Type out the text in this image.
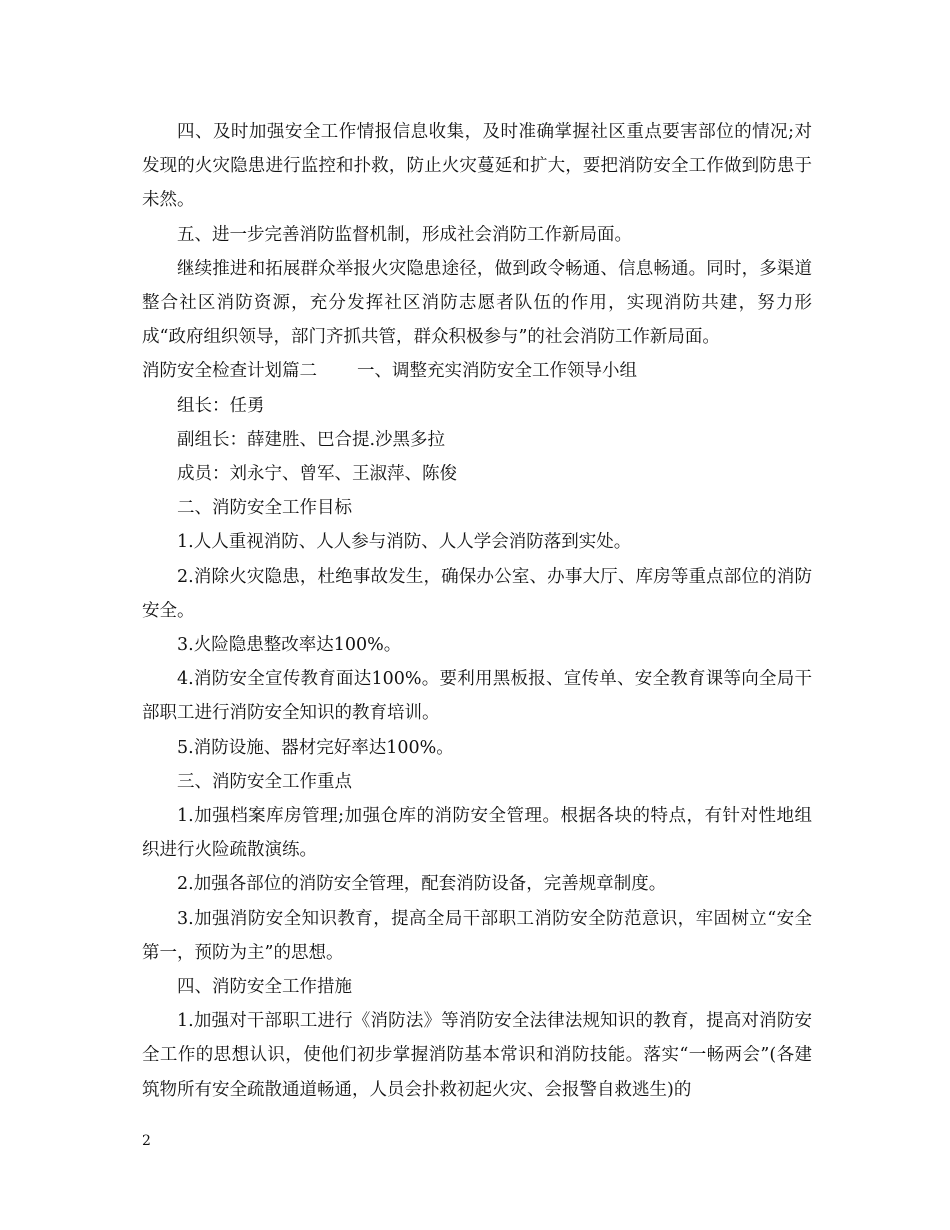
四、及时加强安全工作情报信息收集，及时准确掌握社区重点要害部位的情况;对发现的火灾隐患进行监控和扑救，防止火灾蔓延和扩大，要把消防安全工作做到防患于未然。

五、进一步完善消防监督机制，形成社会消防工作新局面。

继续推进和拓展群众举报火灾隐患途径，做到政令畅通、信息畅通。同时，多渠道整合社区消防资源，充分发挥社区消防志愿者队伍的作用，实现消防共建，努力形成“政府组织领导，部门齐抓共管，群众积极参与”的社会消防工作新局面。

消防安全检查计划篇二 一、调整充实消防安全工作领导小组

组长：任勇

副组长：薛建胜、巴合提.沙黑多拉

成员：刘永宁、曾军、王淑萍、陈俊

二、消防安全工作目标

1.人人重视消防、人人参与消防、人人学会消防落到实处。

2.消除火灾隐患，杜绝事故发生，确保办公室、办事大厅、库房等重点部位的消防安全。

3.火险隐患整改率达100%。

4.消防安全宣传教育面达100%。要利用黑板报、宣传单、安全教育课等向全局干部职工进行消防安全知识的教育培训。

5.消防设施、器材完好率达100%。

三、消防安全工作重点

1.加强档案库房管理;加强仓库的消防安全管理。根据各块的特点，有针对性地组织进行火险疏散演练。

2.加强各部位的消防安全管理，配套消防设备，完善规章制度。

3.加强消防安全知识教育，提高全局干部职工消防安全防范意识，牢固树立“安全第一，预防为主”的思想。

四、消防安全工作措施

1.加强对干部职工进行《消防法》等消防安全法律法规知识的教育，提高对消防安全工作的思想认识，使他们初步掌握消防基本常识和消防技能。落实“一畅两会”(各建筑物所有安全疏散通道畅通，人员会扑救初起火灾、会报警自救逃生)的

2
